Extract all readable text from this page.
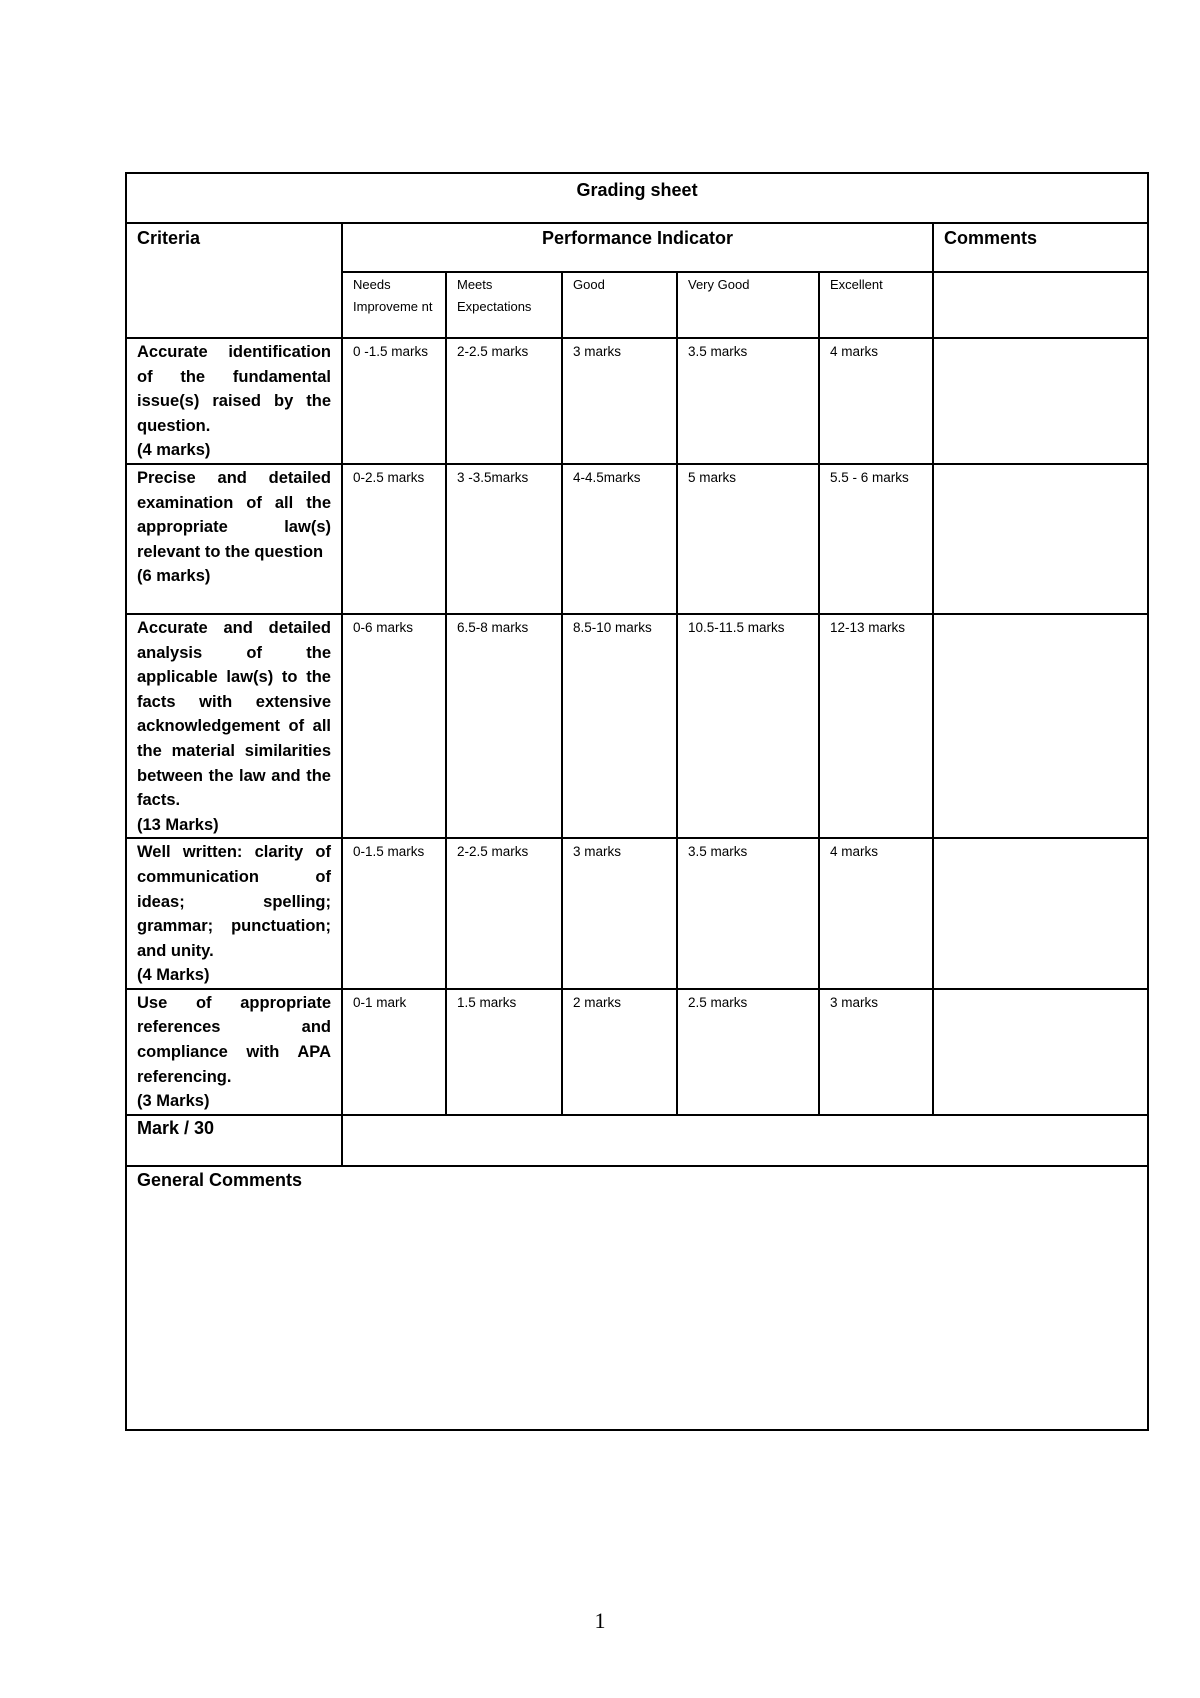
Grading sheet						
Criteria	Performance Indicator					Comments
	Needs Improveme nt	Meets Expectations	Good	Very Good	Excellent	

Accurate identification of the fundamental issue(s) raised by the question.
(4 marks)	0 -1.5 marks	2-2.5 marks	3 marks	3.5 marks	4 marks	

Precise and detailed examination of all the appropriate law(s) relevant to the question
(6 marks)	0-2.5 marks	3 -3.5marks	4-4.5marks	5 marks	5.5 - 6 marks	

Accurate and detailed analysis of the applicable law(s) to the facts with extensive acknowledgement of all the material similarities between the law and the facts.
(13 Marks)	0-6 marks	6.5-8 marks	8.5-10 marks	10.5-11.5 marks	12-13 marks	

Well written: clarity of communication of ideas; spelling; grammar; punctuation; and unity.
(4 Marks)	0-1.5 marks	2-2.5 marks	3 marks	3.5 marks	4 marks	

Use of appropriate references and compliance with APA referencing.
(3 Marks)	0-1 mark	1.5 marks	2 marks	2.5 marks	3 marks	
Mark / 30						

General Comments						
1
